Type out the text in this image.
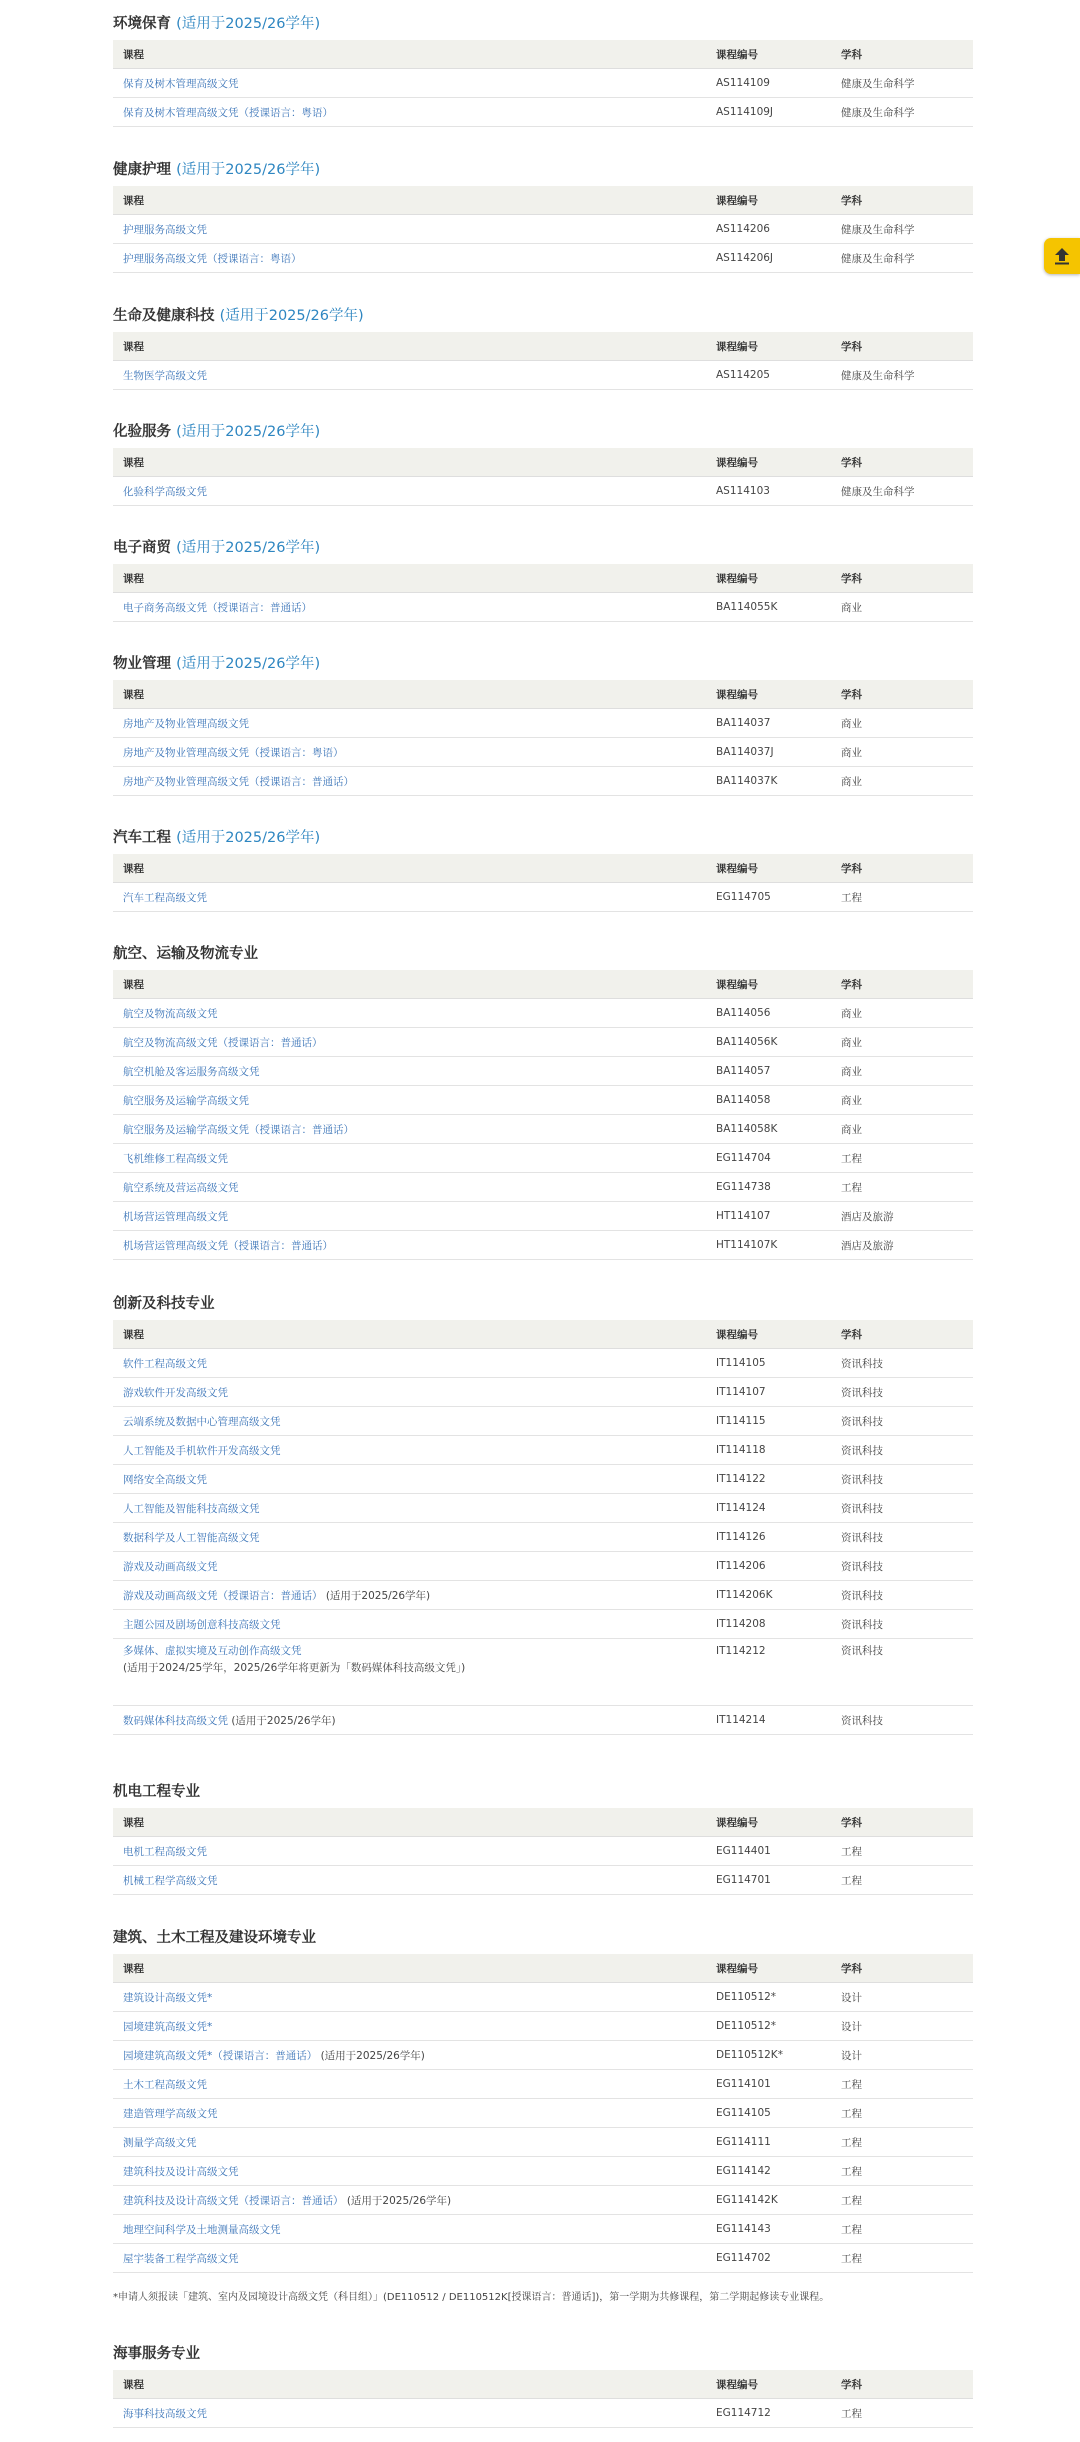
环境保育 (适用于2025/26学年)
课程	课程编号	学科
保育及树木管理高级文凭	AS114109	健康及生命科学
保育及树木管理高级文凭（授课语言：粤语）	AS114109J	健康及生命科学
健康护理 (适用于2025/26学年)
课程	课程编号	学科
护理服务高级文凭	AS114206	健康及生命科学
护理服务高级文凭（授课语言：粤语）	AS114206J	健康及生命科学
生命及健康科技 (适用于2025/26学年)
课程	课程编号	学科
生物医学高级文凭	AS114205	健康及生命科学
化验服务 (适用于2025/26学年)
课程	课程编号	学科
化验科学高级文凭	AS114103	健康及生命科学
电子商贸 (适用于2025/26学年)
课程	课程编号	学科
电子商务高级文凭（授课语言：普通话）	BA114055K	商业
物业管理 (适用于2025/26学年)
课程	课程编号	学科
房地产及物业管理高级文凭	BA114037	商业
房地产及物业管理高级文凭（授课语言：粤语）	BA114037J	商业
房地产及物业管理高级文凭（授课语言：普通话）	BA114037K	商业
汽车工程 (适用于2025/26学年)
课程	课程编号	学科
汽车工程高级文凭	EG114705	工程
航空、运输及物流专业
课程	课程编号	学科
航空及物流高级文凭	BA114056	商业
航空及物流高级文凭（授课语言：普通话）	BA114056K	商业
航空机舱及客运服务高级文凭	BA114057	商业
航空服务及运输学高级文凭	BA114058	商业
航空服务及运输学高级文凭（授课语言：普通话）	BA114058K	商业
飞机维修工程高级文凭	EG114704	工程
航空系统及营运高级文凭	EG114738	工程
机场营运管理高级文凭	HT114107	酒店及旅游
机场营运管理高级文凭（授课语言：普通话）	HT114107K	酒店及旅游
创新及科技专业
课程	课程编号	学科
软件工程高级文凭	IT114105	资讯科技
游戏软件开发高级文凭	IT114107	资讯科技
云端系统及数据中心管理高级文凭	IT114115	资讯科技
人工智能及手机软件开发高级文凭	IT114118	资讯科技
网络安全高级文凭	IT114122	资讯科技
人工智能及智能科技高级文凭	IT114124	资讯科技
数据科学及人工智能高级文凭	IT114126	资讯科技
游戏及动画高级文凭	IT114206	资讯科技
游戏及动画高级文凭（授课语言：普通话） (适用于2025/26学年)	IT114206K	资讯科技
主题公园及剧场创意科技高级文凭	IT114208	资讯科技

多媒体、虚拟实境及互动创作高级文凭
(适用于2024/25学年，2025/26学年将更新为「数码媒体科技高级文凭」)	IT114212	资讯科技
数码媒体科技高级文凭 (适用于2025/26学年)	IT114214	资讯科技
机电工程专业
课程	课程编号	学科
电机工程高级文凭	EG114401	工程
机械工程学高级文凭	EG114701	工程
建筑、土木工程及建设环境专业
课程	课程编号	学科
建筑设计高级文凭*	DE110512*	设计
园境建筑高级文凭*	DE110512*	设计
园境建筑高级文凭*（授课语言：普通话） (适用于2025/26学年)	DE110512K*	设计
土木工程高级文凭	EG114101	工程
建造管理学高级文凭	EG114105	工程
测量学高级文凭	EG114111	工程
建筑科技及设计高级文凭	EG114142	工程
建筑科技及设计高级文凭（授课语言：普通话） (适用于2025/26学年)	EG114142K	工程
地理空间科学及土地测量高级文凭	EG114143	工程
屋宇装备工程学高级文凭	EG114702	工程
海事服务专业
课程	课程编号	学科
海事科技高级文凭	EG114712	工程
*申请人须报读「建筑、室内及园境设计高级文凭（科目组）」(DE110512 / DE110512K[授课语言：普通话])，第一学期为共修课程，第二学期起修读专业课程。
